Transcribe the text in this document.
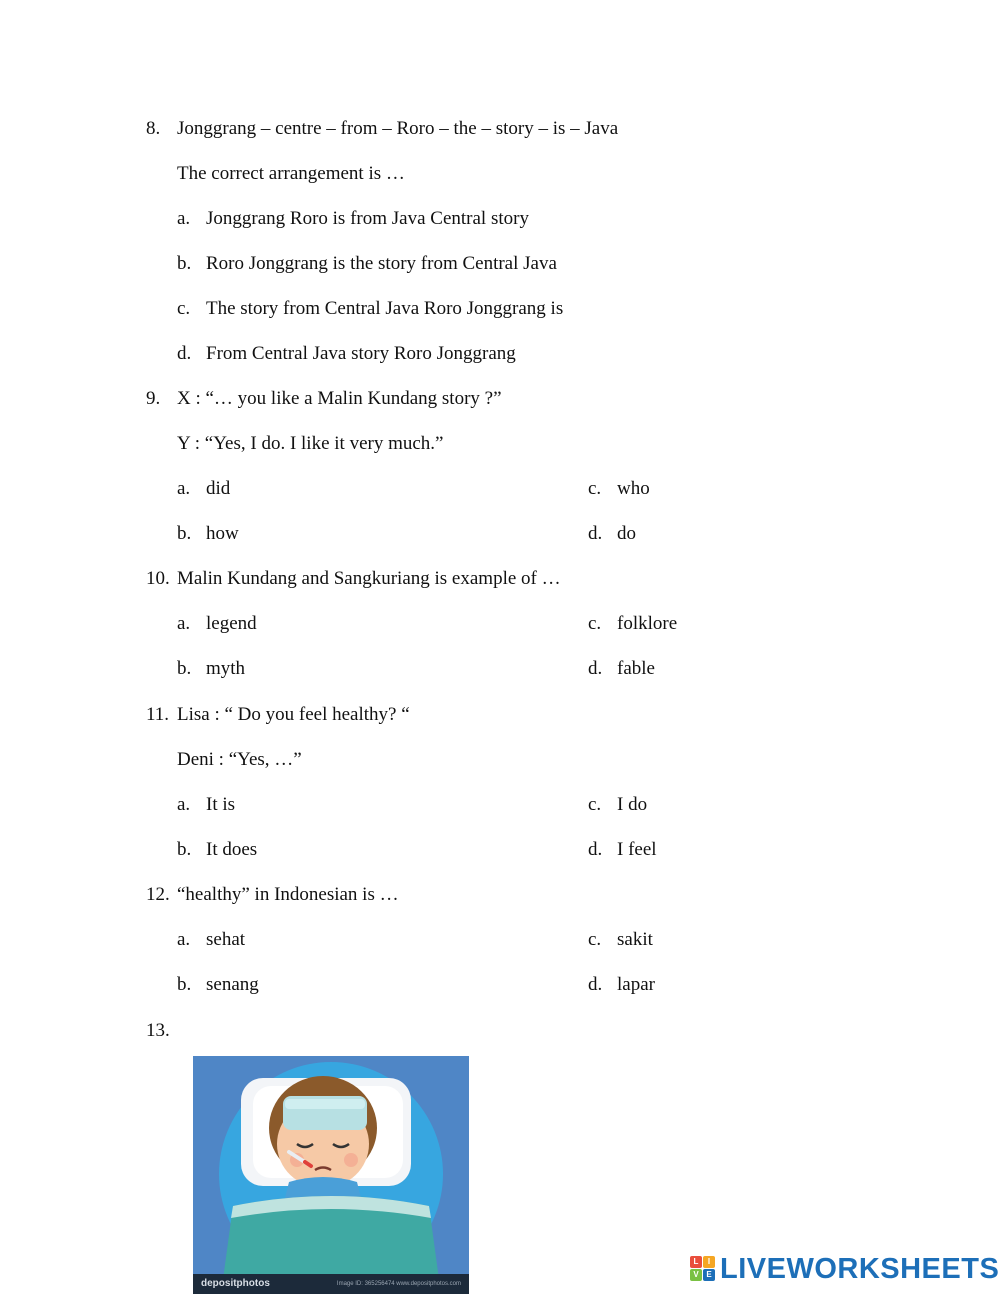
8. Jonggrang – centre – from – Roro – the – story – is – Java
The correct arrangement is …
a. Jonggrang Roro is from Java Central story
b. Roro Jonggrang is the story from Central Java
c. The story from Central Java Roro Jonggrang is
d. From Central Java story Roro Jonggrang
9. X : “… you like a Malin Kundang story ?”
Y : “Yes, I do. I like it very much.”
a. did	c. who
b. how	d. do
10. Malin Kundang and Sangkuriang is example of …
a. legend	c. folklore
b. myth	d. fable
11. Lisa : “ Do you feel healthy? “
Deni : “Yes, …”
a. It is	c. I do
b. It does	d. I feel
12. “healthy” in Indonesian is …
a. sehat	c. sakit
b. senang	d. lapar
13.
depositphotos	Image ID: 365256474 www.depositphotos.com
L	I
V E LIVEWORKSHEETS
